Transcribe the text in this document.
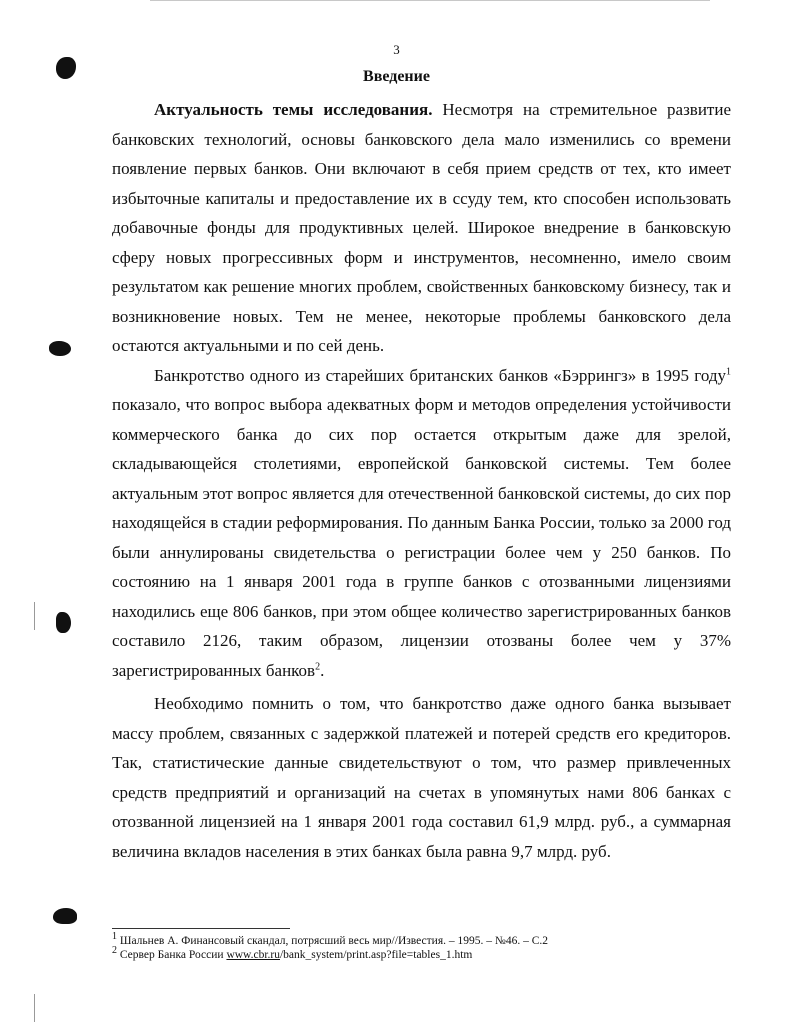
3
Введение

Актуальность темы исследования. Несмотря на стремительное развитие банковских технологий, основы банковского дела мало изменились со времени появление первых банков. Они включают в себя прием средств от тех, кто имеет избыточные капиталы и предоставление их в ссуду тем, кто способен использовать добавочные фонды для продуктивных целей. Широкое внедрение в банковскую сферу новых прогрессивных форм и инструментов, несомненно, имело своим результатом как решение многих проблем, свойственных банковскому бизнесу, так и возникновение новых. Тем не менее, некоторые проблемы банковского дела остаются актуальными и по сей день.

Банкротство одного из старейших британских банков «Бэррингз» в 1995 году$^1$ показало, что вопрос выбора адекватных форм и методов определения устойчивости коммерческого банка до сих пор остается открытым даже для зрелой, складывающейся столетиями, европейской банковской системы. Тем более актуальным этот вопрос является для отечественной банковской системы, до сих пор находящейся в стадии реформирования. По данным Банка России, только за 2000 год были аннулированы свидетельства о регистрации более чем у 250 банков. По состоянию на 1 января 2001 года в группе банков с отозванными лицензиями находились еще 806 банков, при этом общее количество зарегистрированных банков составило 2126, таким образом, лицензии отозваны более чем у 37% зарегистрированных банков$^2$.

Необходимо помнить о том, что банкротство даже одного банка вызывает массу проблем, связанных с задержкой платежей и потерей средств его кредиторов. Так, статистические данные свидетельствуют о том, что размер привлеченных средств предприятий и организаций на счетах в упомянутых нами 806 банках с отозванной лицензией на 1 января 2001 года составил 61,9 млрд. руб., а суммарная величина вкладов населения в этих банках была равна 9,7 млрд. руб.

$^1$ Шальнев А. Финансовый скандал, потрясший весь мир//Известия. – 1995. – №46. – С.2
$^2$ Сервер Банка России www.cbr.ru/bank_system/print.asp?file=tables_1.htm
